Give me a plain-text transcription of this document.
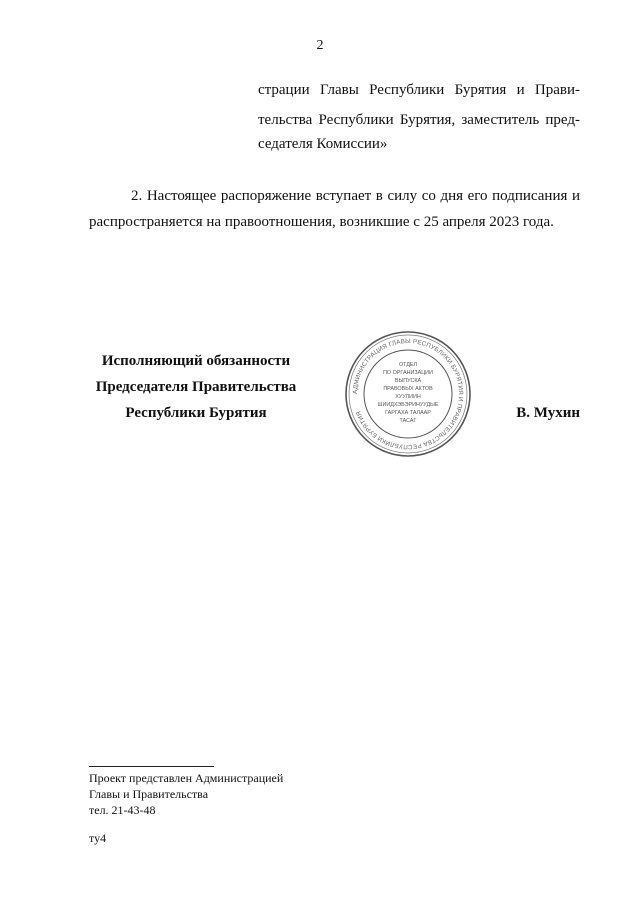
2
страции Главы Республики Бурятия и Прави-
тельства Республики Бурятия, заместитель пред-
седателя Комиссии»
2. Настоящее распоряжение вступает в силу со дня его подписания и
распространяется на правоотношения, возникшие с 25 апреля 2023 года.
Исполняющий обязанности
Председателя Правительства
Республики Бурятия
АДМИНИСТРАЦИЯ ГЛАВЫ РЕСПУБЛИКИ БУРЯТИЯ И ПРАВИТЕЛЬСТВА РЕСПУБЛИКИ БУРЯТИЯ
ОТДЕЛ
ПО ОРГАНИЗАЦИИ
ВЫПУСКА
ПРАВОВЫХ АКТОВ
ХУУЛИИН
ШИИДХЭБЭРИНУУДЫЕ
ГАРГАХА ТАЛААР
ТАСАГ	В. Мухин
Проект представлен Администрацией
Главы и Правительства
тел. 21-43-48
ту4
